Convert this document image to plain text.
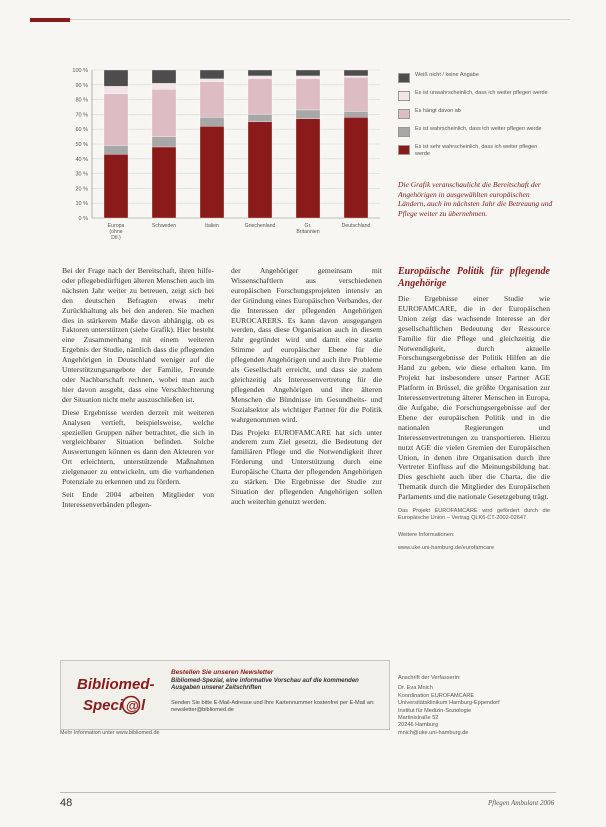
0 %
10 %
20 %
30 %
40 %
50 %
60 %
70 %
80 %
90 %
100 %
Europa (ohne Dtl.)
Schweden	Italien	Griechenland	Gr. Britannien
Deutschland
Weiß nicht / keine Angabe
Es ist unwahrscheinlich, dass ich weiter pflegen werde
Es hängt davon ab
Es ist wahrscheinlich, dass ich weiter pflegen werde
Es ist sehr wahrscheinlich, dass ich weiter pflegen werde
Die Grafik veranschaulicht die Bereitschaft der Angehörigen in ausgewählten europäischen Ländern, auch im nächsten Jahr die Betreuung und Pflege weiter zu übernehmen.

Bei der Frage nach der Bereitschaft, ihren hilfe- oder pflegebedürftigen älteren Menschen auch im nächsten Jahr weiter zu betreuen, zeigt sich bei den deutschen Befragten etwas mehr Zurückhaltung als bei den anderen. Sie machen dies in stärkerem Maße davon abhängig, ob es Faktoren unterstützen (siehe Grafik). Hier besteht eine Zusammenhang mit einem weiteren Ergebnis der Studie, nämlich dass die pflegenden Angehörigen in Deutschland weniger auf die Unterstützungsangebote der Familie, Freunde oder Nachbarschaft rechnen, wobei man auch hier davon ausgeht, dass eine Verschlechterung der Situation nicht mehr auszuschließen ist.

Diese Ergebnisse werden derzeit mit weiteren Analysen vertieft, beispielsweise, welche speziellen Gruppen näher betrachtet, die sich in vergleichbarer Situation befinden. Solche Auswertungen können es dann den Akteuren vor Ort erleichtern, unterstützende Maßnahmen zielgenauer zu entwickeln, um die vorhandenen Potenziale zu erkennen und zu fördern.

Seit Ende 2004 arbeiten Mitglieder von Interessenverbänden pflegen-

der Angehöriger gemeinsam mit Wissenschaftlern aus verschiedenen europäischen Forschungsprojekten intensiv an der Gründung eines Europäischen Verbandes, der die Interessen der pflegenden Angehörigen EUROCARERS. Es kann davon ausgegangen werden, dass diese Organisation auch in diesem Jahr gegründet wird und damit eine starke Stimme auf europäischer Ebene für die pflegenden Angehörigen und auch ihre Probleme als Gesellschaft erreicht, und dass sie zudem gleichzeitig als Interessenvertretung für die pflegenden Angehörigen und ihre älteren Menschen die Bündnisse im Gesundheits- und Sozialsektor als wichtiger Partner für die Politik wahrgenommen wird.

Das Projekt EUROFAMCARE hat sich unter anderem zum Ziel gesetzt, die Bedeutung der familiären Pflege und die Notwendigkeit ihrer Förderung und Unterstützung durch eine Europäische Charta der pflegenden Angehörigen zu stärken. Die Ergebnisse der Studie zur Situation der pflegenden Angehörigen sollen auch weiterhin genutzt werden.

Europäische Politik für pflegende Angehörige

Die Ergebnisse einer Studie wie EUROFAMCARE, die in der Europäischen Union zeigt das wachsende Interesse an der gesellschaftlichen Bedeutung der Ressource Familie für die Pflege und gleichzeitig die Notwendigkeit, durch aktuelle Forschungsergebnisse der Politik Hilfen an die Hand zu geben, wie diese erhalten kann. Im Projekt hat insbesondere unser Partner AGE Platform in Brüssel, die größte Organisation zur Interessenvertretung älterer Menschen in Europa, die Aufgabe, die Forschungsergebnisse auf der Ebene der europäischen Politik und in die nationalen Regierungen und Interessenvertretungen zu transportieren. Hierzu nutzt AGE die vielen Gremien der Europäischen Union, in denen ihre Organisation durch ihre Vertreter Einfluss auf die Meinungsbildung hat. Dies geschieht auch über die Charta, die die Thematik durch die Mitglieder des Europäischen Parlaments und die nationale Gesetzgebung trägt.

Das Projekt EUROFAMCARE wird gefördert durch die Europäische Union – Vertrag QLK6-CT-2002-02647
Weitere Informationen:
www.uke.uni-hamburg.de/eurofamcare
Anschrift der Verfasserin:
Dr. Eva Mnich
Koordination EUROFAMCARE
Universitätsklinikum Hamburg-Eppendorf
Institut für Medizin-Soziologie
Martinistraße 52
20246 Hamburg
mnich@uke.uni-hamburg.de
Bibliomed-
Speci @ l
Bestellen Sie unseren Newsletter
Bibliomed-Spezial, eine informative Vorschau auf die kommenden Ausgaben unserer Zeitschriften
Senden Sie bitte E-Mail-Adresse und Ihre Kartennummer kostenfrei per E-Mail an: newsletter@bibliomed.de
Mehr Information unter www.bibliomed.de
48	Pflegen Ambulant 2006
